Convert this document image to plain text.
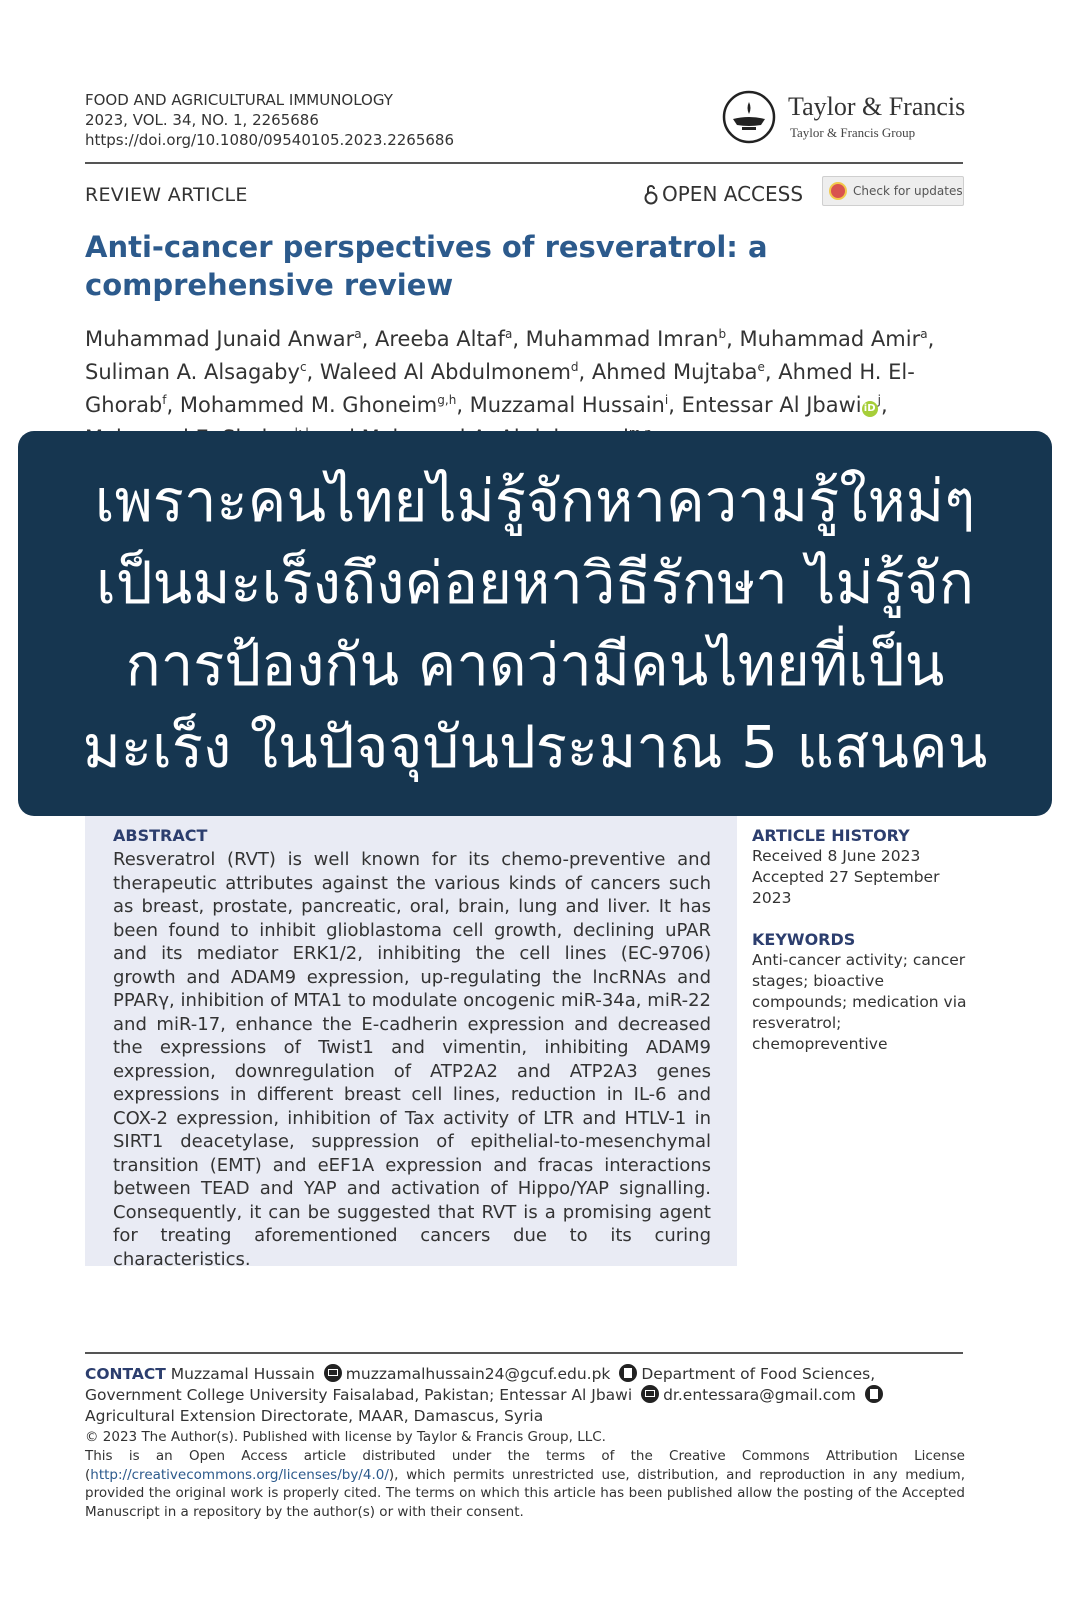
FOOD AND AGRICULTURAL IMMUNOLOGY
2023, VOL. 34, NO. 1, 2265686
https://doi.org/10.1080/09540105.2023.2265686
Taylor & Francis
Taylor & Francis Group
REVIEW ARTICLE	OPEN ACCESS	Check for updates
Anti-cancer perspectives of resveratrol: a comprehensive review
Muhammad Junaid Anwar$^a$, Areeba Altaf$^a$, Muhammad Imran$^b$, Muhammad Amir$^a$, Suliman A. Alsagaby$^c$, Waleed Al Abdulmonem$^d$, Ahmed Mujtaba$^e$, Ahmed H. El-Ghorab$^f$, Mohammed M. Ghoneim$^{g,h}$, Muzzamal Hussain$^i$, Entessar Al Jbawi $iD^j$,
เพราะคนไทยไม่รู้จักหาความรู้ใหม่ๆ
เป็นมะเร็งถึงค่อยหาวิธีรักษา ไม่รู้จัก
การป้องกัน คาดว่ามีคนไทยที่เป็น
มะเร็ง ในปัจจุบันประมาณ 5 แสนคน
ABSTRACT
Resveratrol (RVT) is well known for its chemo-preventive and therapeutic attributes against the various kinds of cancers such as breast, prostate, pancreatic, oral, brain, lung and liver. It has been found to inhibit glioblastoma cell growth, declining uPAR and its mediator ERK1/2, inhibiting the cell lines (EC-9706) growth and ADAM9 expression, up-regulating the lncRNAs and PPARγ, inhibition of MTA1 to modulate oncogenic miR-34a, miR-22 and miR-17, enhance the E-cadherin expression and decreased the expressions of Twist1 and vimentin, inhibiting ADAM9 expression, downregulation of ATP2A2 and ATP2A3 genes expressions in different breast cell lines, reduction in IL-6 and COX-2 expression, inhibition of Tax activity of LTR and HTLV-1 in SIRT1 deacetylase, suppression of epithelial-to-mesenchymal transition (EMT) and eEF1A expression and fracas interactions between TEAD and YAP and activation of Hippo/YAP signalling. Consequently, it can be suggested that RVT is a promising agent for treating aforementioned cancers due to its curing characteristics.
ARTICLE HISTORY
Received 8 June 2023
Accepted 27 September 2023
KEYWORDS
Anti-cancer activity; cancer stages; bioactive compounds; medication via resveratrol; chemopreventive
CONTACT Muzzamal Hussain muzzamalhussain24@gcuf.edu.pk Department of Food Sciences, Government College University Faisalabad, Pakistan; Entessar Al Jbawi dr.entessara@gmail.com Agricultural Extension Directorate, MAAR, Damascus, Syria
© 2023 The Author(s). Published with license by Taylor & Francis Group, LLC.
This is an Open Access article distributed under the terms of the Creative Commons Attribution License (http://creativecommons.org/licenses/by/4.0/), which permits unrestricted use, distribution, and reproduction in any medium, provided the original work is properly cited. The terms on which this article has been published allow the posting of the Accepted Manuscript in a repository by the author(s) or with their consent.
